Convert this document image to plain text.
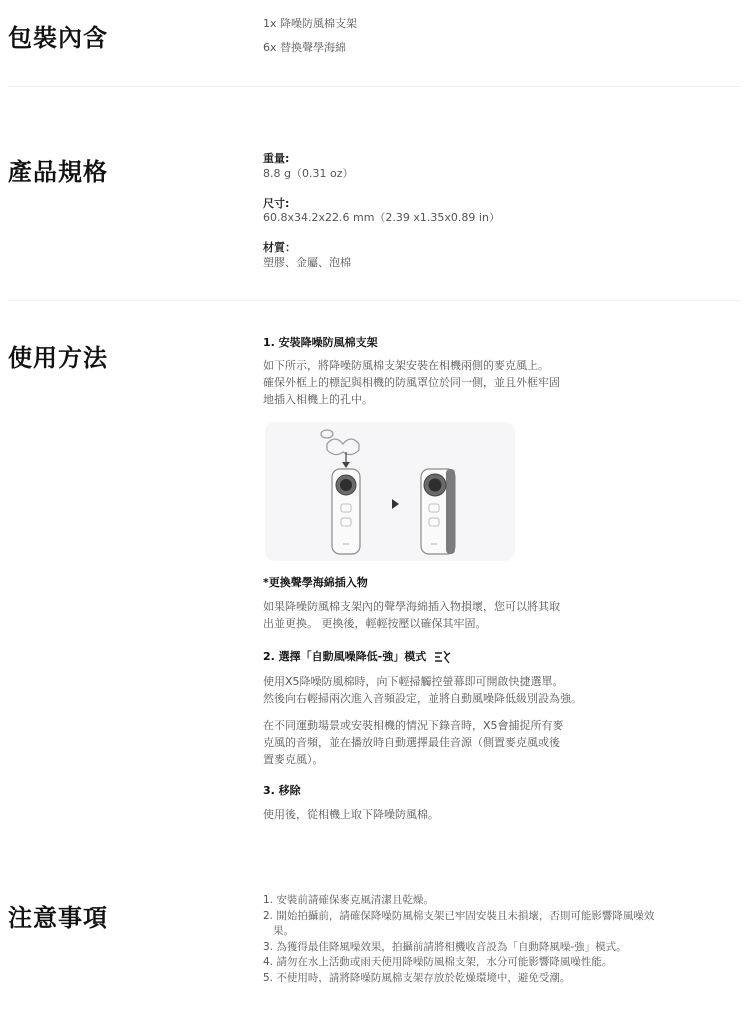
包裝內含
1x 降噪防風棉支架
6x 替換聲學海綿
產品規格	重量:
8.8 g（0.31 oz）
尺寸:
60.8x34.2x22.6 mm（2.39 x1.35x0.89 in）
材質：
塑膠、金屬、泡棉
使用方法
1. 安裝降噪防風棉支架
如下所示，將降噪防風棉支架安裝在相機兩側的麥克風上。
確保外框上的標記與相機的防風罩位於同一側，並且外框牢固
地插入相機上的孔中。
*更換聲學海綿插入物
如果降噪防風棉支架內的聲學海綿插入物損壞，您可以將其取
出並更換。 更換後，輕輕按壓以確保其牢固。
2. 選擇「自動風噪降低-強」模式
使用X5降噪防風棉時，向下輕掃觸控螢幕即可開啟快捷選單。
然後向右輕掃兩次進入音頻設定，並將自動風噪降低級別設為強。
在不同運動場景或安裝相機的情況下錄音時，X5會捕捉所有麥
克風的音頻，並在播放時自動選擇最佳音源（側置麥克風或後
置麥克風）。
3. 移除
使用後，從相機上取下降噪防風棉。
注意事項
1. 安裝前請確保麥克風清潔且乾燥。
2. 開始拍攝前，請確保降噪防風棉支架已牢固安裝且未損壞，否則可能影響降風噪效
果。
3. 為獲得最佳降風噪效果，拍攝前請將相機收音設為「自動降風噪-強」模式。
4. 請勿在水上活動或雨天使用降噪防風棉支架，水分可能影響降風噪性能。
5. 不使用時，請將降噪防風棉支架存放於乾燥環境中，避免受潮。
